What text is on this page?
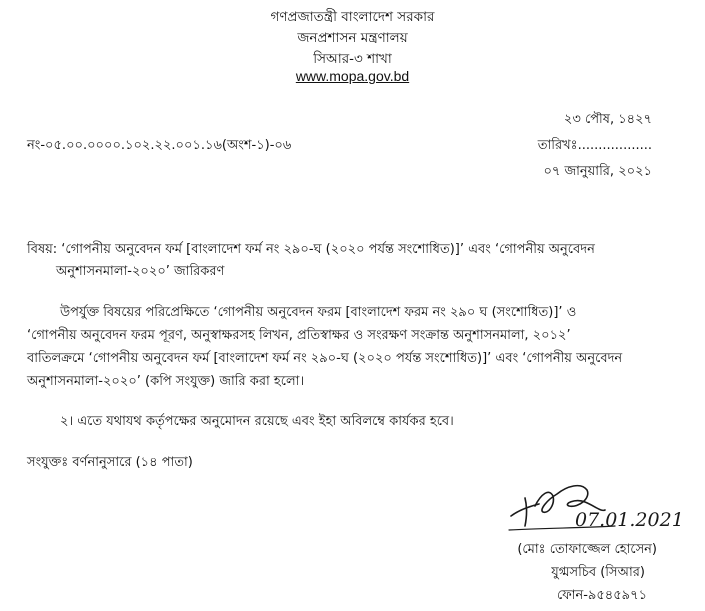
গণপ্রজাতন্ত্রী বাংলাদেশ সরকার
জনপ্রশাসন মন্ত্রণালয়
সিআর-৩ শাখা
www.mopa.gov.bd
২৩ পৌষ, ১৪২৭
নং-০৫.০০.০০০০.১০২.২২.০০১.১৬(অংশ-১)-০৬	তারিখঃ..................
০৭ জানুয়ারি, ২০২১
বিষয়: ‘গোপনীয় অনুবেদন ফর্ম [বাংলাদেশ ফর্ম নং ২৯০-ঘ (২০২০ পর্যন্ত সংশোধিত)]’ এবং ‘গোপনীয় অনুবেদন
অনুশাসনমালা-২০২০’ জারিকরণ
উপর্যুক্ত বিষয়ের পরিপ্রেক্ষিতে ‘গোপনীয় অনুবেদন ফরম [বাংলাদেশ ফরম নং ২৯০ ঘ (সংশোধিত)]’ ও
‘গোপনীয় অনুবেদন ফরম পূরণ, অনুস্বাক্ষরসহ লিখন, প্রতিস্বাক্ষর ও সংরক্ষণ সংক্রান্ত অনুশাসনমালা, ২০১২’
বাতিলক্রমে ‘গোপনীয় অনুবেদন ফর্ম [বাংলাদেশ ফর্ম নং ২৯০-ঘ (২০২০ পর্যন্ত সংশোধিত)]’ এবং ‘গোপনীয় অনুবেদন
অনুশাসনমালা-২০২০’ (কপি সংযুক্ত) জারি করা হলো।
২। এতে যথাযথ কর্তৃপক্ষের অনুমোদন রয়েছে এবং ইহা অবিলম্বে কার্যকর হবে।
সংযুক্তঃ বর্ণনানুসারে (১৪ পাতা)
07.01.2021
(মোঃ তোফাজ্জেল হোসেন)
যুগ্মসচিব (সিআর)
ফোন-৯৫৪৫৯৭১
